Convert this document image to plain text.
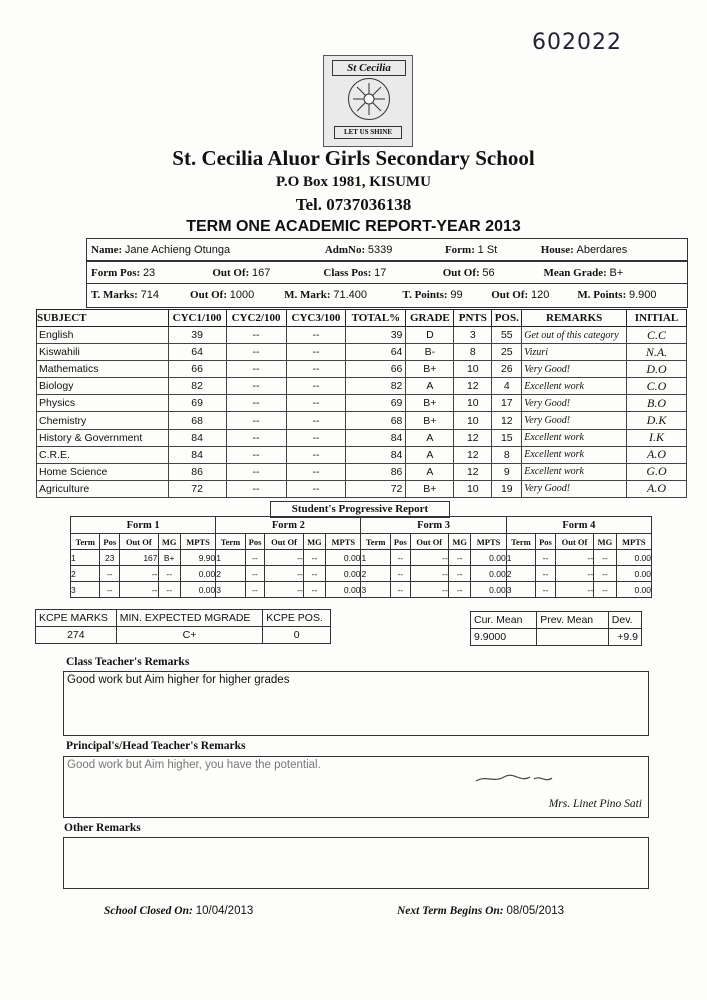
602022
St Cecilia
LET US SHINE
St. Cecilia Aluor Girls Secondary School
P.O Box 1981, KISUMU
Tel. 0737036138
TERM ONE ACADEMIC REPORT-YEAR 2013
Name: Jane Achieng Otunga	AdmNo: 5339	Form: 1 St	House: Aberdares
Form Pos: 23	Out Of: 167	Class Pos: 17	Out Of: 56	Mean Grade: B+
T. Marks: 714	Out Of: 1000	M. Mark: 71.400	T. Points: 99	Out Of: 120	M. Points: 9.900
SUBJECT	CYC1/100	CYC2/100	CYC3/100	TOTAL%	GRADE	PNTS	POS.	REMARKS	INITIAL
English	39	--	--	39	D	3	55	Get out of this category	C.C
Kiswahili	64	--	--	64	B-	8	25	Vizuri	N.A.
Mathematics	66	--	--	66	B+	10	26	Very Good!	D.O
Biology	82	--	--	82	A	12	4	Excellent work	C.O
Physics	69	--	--	69	B+	10	17	Very Good!	B.O
Chemistry	68	--	--	68	B+	10	12	Very Good!	D.K
History & Government	84	--	--	84	A	12	15	Excellent work	I.K
C.R.E.	84	--	--	84	A	12	8	Excellent work	A.O
Home Science	86	--	--	86	A	12	9	Excellent work	G.O
Agriculture	72	--	--	72	B+	10	19	Very Good!	A.O
Student's Progressive Report
Form 1					Form 2					Form 3					Form 4				
Term	Pos	Out Of	MG	MPTS	Term	Pos	Out Of	MG	MPTS	Term	Pos	Out Of	MG	MPTS	Term	Pos	Out Of	MG	MPTS
1	23	167	B+	9.90	1	--	--	--	0.00	1	--	--	--	0.00	1	--	--	--	0.00
2	--	--	--	0.00	2	--	--	--	0.00	2	--	--	--	0.00	2	--	--	--	0.00
3	--	--	--	0.00	3	--	--	--	0.00	3	--	--	--	0.00	3	--	--	--	0.00
KCPE MARKS	MIN. EXPECTED MGRADE	KCPE POS.
274	C+	0
Cur. Mean	Prev. Mean	Dev.
9.9000		+9.9
Class Teacher's Remarks
Good work but Aim higher for higher grades
Principal's/Head Teacher's Remarks
Good work but Aim higher, you have the potential.
Mrs. Linet Pino Sati
Other Remarks
School Closed On: 10/04/2013	Next Term Begins On: 08/05/2013
